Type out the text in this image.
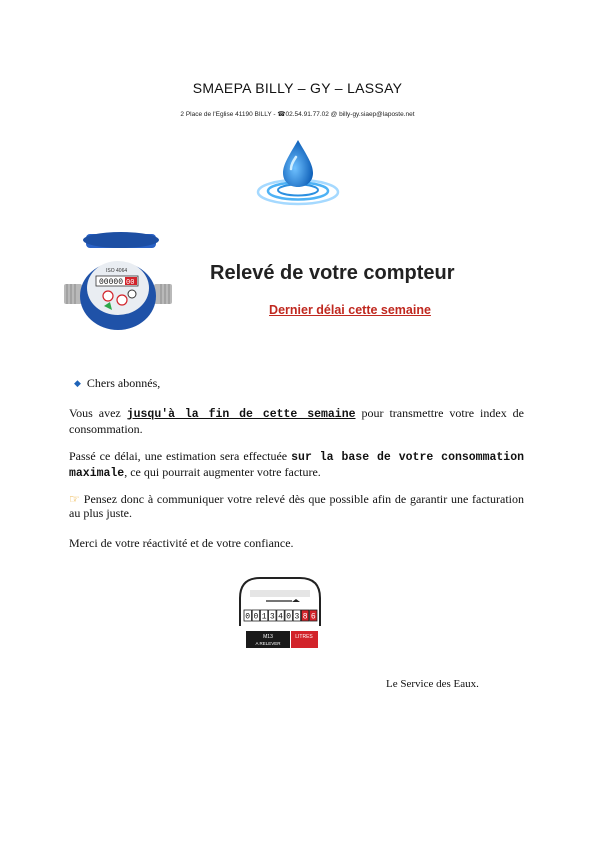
SMAEPA BILLY – GY – LASSAY
2 Place de l'Eglise 41190 BILLY - ☎02.54.91.77.02 @ billy-gy.siaep@laposte.net
00000 00
ISO 4064	Relevé de votre compteur
Dernier délai cette semaine
◆ Chers abonnés,
Vous avez jusqu'à la fin de cette semaine pour transmettre votre index de consommation.
Passé ce délai, une estimation sera effectuée sur la base de votre consommation maximale, ce qui pourrait augmenter votre facture.
☞ Pensez donc à communiquer votre relevé dès que possible afin de garantir une facturation au plus juste.
Merci de votre réactivité et de votre confiance.
0 0 1 3 4 0 3 8 6
M13
A RELEVER
LITRES
Le Service des Eaux.
